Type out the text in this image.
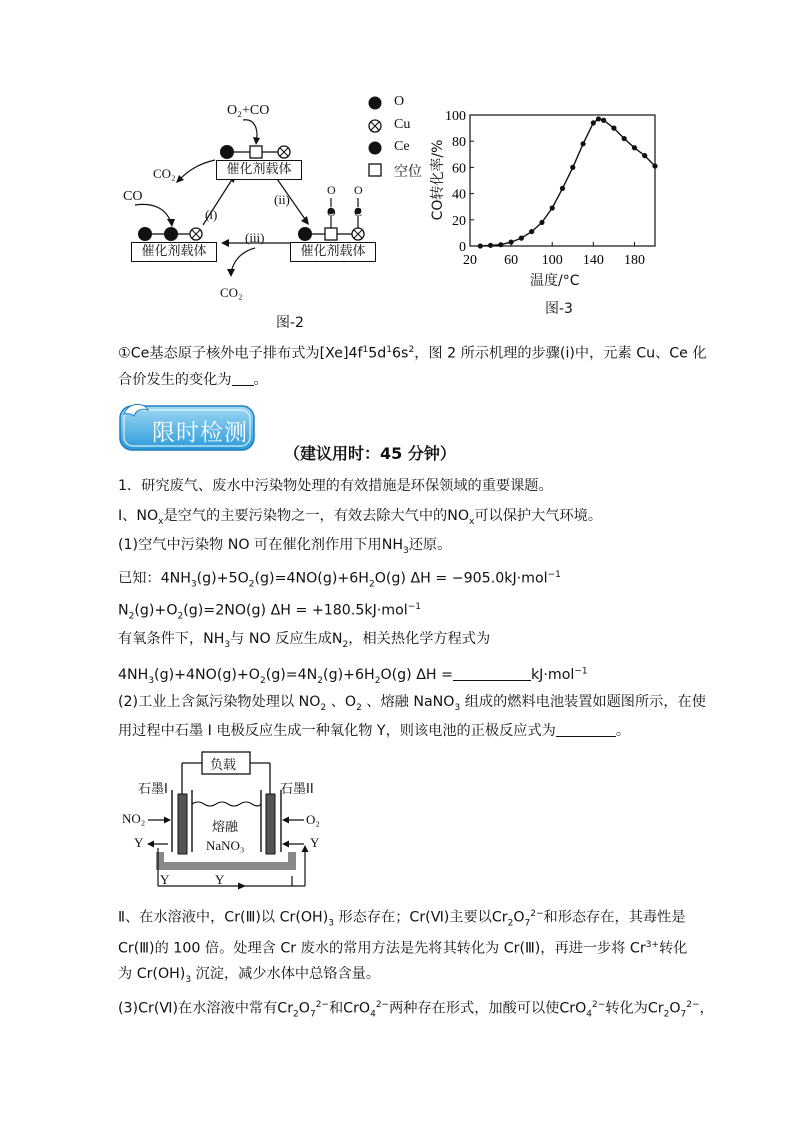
O₂+CO
CO₂
CO	O
O
O
C
(i)
(ii)
(iii)
CO₂
催化剂载体
催化剂载体	催化剂载体
图-2
O
Cu
Ce
空位
0
20
40
60
80
100
20 60 100 140 180
CO转化率/%
温度/°C
图-3
①Ce基态原子核外电子排布式为$[Xe]4f^15d^16s^2$，图 2 所示机理的步骤(i)中，元素 Cu、Ce 化
合价发生的变化为 。
限时检测
（建议用时：45 分钟）
1．研究废气、废水中污染物处理的有效措施是环保领域的重要课题。
Ⅰ、$NO_x$是空气的主要污染物之一，有效去除大气中的$NO_x$可以保护大气环境。
(1)空气中污染物 NO 可在催化剂作用下用$NH_3$还原。
已知：$4NH_3(g)+5O_2(g)=4NO(g)+6H_2O(g) \Delta H = -905.0kJ\cdot mol^{-1}$
$N_2(g)+O_2(g)=2NO(g) \Delta H = +180.5kJ\cdot mol^{-1}$
有氧条件下，$NH_3$与 NO 反应生成$N_2$，相关热化学方程式为
$4NH_3(g)+4NO(g)+O_2(g)=4N_2(g)+6H_2O(g) \Delta H$ =	kJ·mol$^{-1}$
(2)工业上含氮污染物处理以 $NO_2$ 、$O_2$ 、熔融 NaNO$_3$ 组成的燃料电池装置如题图所示，在使
用过程中石墨 I 电极反应生成一种氧化物 Y，则该电池的正极反应式为	。
负载
石墨I	石墨II
NO₂	O₂
Y	Y
Y	Y
熔融
NaNO₃
Ⅱ、在水溶液中，Cr(Ⅲ)以 $Cr(OH)_3$ 形态存在；Cr(Ⅵ)主要以$Cr_2O_7^{2-}$和形态存在，其毒性是
Cr(Ⅲ)的 100 倍。处理含 Cr 废水的常用方法是先将其转化为 Cr(Ⅲ)，再进一步将 $Cr^{3+}$转化
为 $Cr(OH)_3$ 沉淀，减少水体中总铬含量。
(3)Cr(Ⅵ)在水溶液中常有$Cr_2O_7^{2-}$和CrO$_4^{2-}$两种存在形式，加酸可以使CrO$_4^{2-}$转化为$Cr_2O_7^{2-}$，
